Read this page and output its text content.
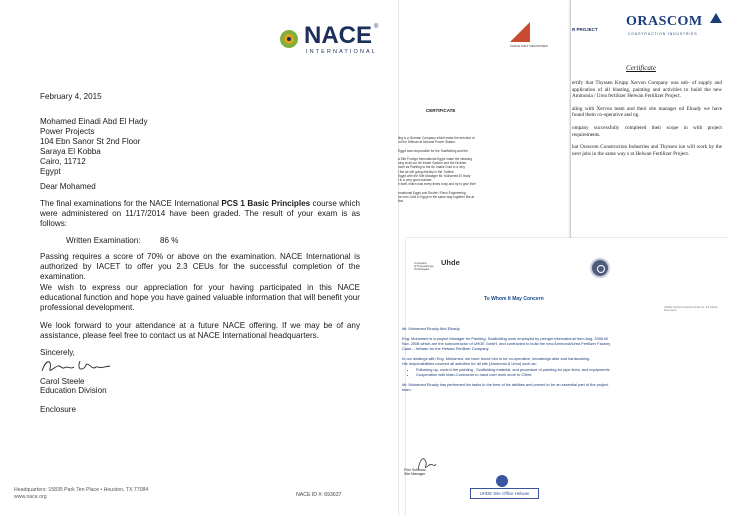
NACE ®
INTERNATIONAL
February 4, 2015
Mohamed Einadi Abd El Hady
Power Projects
104 Ebn Sanor St 2nd Floor
Saraya El Kobba
Cairo, 11712
Egypt
Dear Mohamed
The final examinations for the NACE International PCS 1 Basic Principles course which were administered on 11/17/2014 have been graded. The result of your exam is as follows:
Written Examination: 86 %
Passing requires a score of 70% or above on the examination. NACE International is authorized by IACET to offer you 2.3 CEUs for the successful completion of the examination.
We wish to express our appreciation for your having participated in this NACE educational function and hope you have gained valuable information that will benefit your professional development.
We look forward to your attendance at a future NACE offering. If we may be of any assistance, please feel free to contact us at NACE International headquarters.
Sincerely,
Carol Steele
Education Division
Enclosure
Headquarters: 15835 Park Ten Place • Houston, TX 77084
www.nace.org	NACE ID #: 693637
KARYE MALT INDUSTRIES
CERTIFICATE
ling is a German Company which make the erection of
nd the Diffuser at Nubaria Power Station.

Egypt was responsible for the Scaffolding and the

a Site Foreign International Egypt make the cleaning
ning at all our Air Intake System and the Diverter.
ower as Painting to the Air Intake Duct in a very
t the air will going directly in the Turbine.
Egypt with the Site Manager Mr. Mohamed El Hady
t in a very good manner.
e staff, which was every times busy and try to give their

ernational Egypt and Roofer / Reco Engineering
he next Jobs in Egypt in the same way together like at
tion.
R PROJECT
ORASCOM
CONSTRUCTION INDUSTRIES
Certificate

ertify that Thyssen Krupp Xervon Company was sub- of supply and application of all blasting, painting and activities to build the new Ammonia / Urea fertilizer Helwan Fertilizer Project.

aling with Xervon team and their site manager nd Elnady we have found them co-operative and ng.

ompany successfully completed their scope in with project requirements.

hat Orascom Construction Industries and Thyssen ion will work by the next jobs in the same way s at Helwan Fertilizer Project.

A company
of ThyssenKrupp
Technologies
Uhde
To Whom It May Concern

Mr. Mohamed Elnady Abd Elhady.

Eng. Mohamed is a project Manager for Painting, Scaffolding work employed by peinger international from Aug. 2005 till Nov. 2008 which are the subcontractor of UHDE GmbH, and contracted to build the new Ammonia/Urea Fertilizer Factory Cairo – Helwan for the Helwan Fertilizer Company.

In our dealings with Eng. Mohamed, we have found him to be co-operative, knowledge-able and hardworking.

His responsibilities covered all activities for all site (Ammonia & Urea) such as:

• Following up, control the painting , Scaffolding material, and procedure of painting for pipe lines, and equipments.
• Cooperation with Main-Contractor to hand over work done to Client.

Mr. Mohamed Elnady has performed his tasks to the best of his abilities and proved to be an essential part of the project team.

Fritz Schwarz
Site Manager
UHDE Site Office Helwan
UHDE GmbH Friedrich-Uhde-Str. 15 44141 Dortmund
